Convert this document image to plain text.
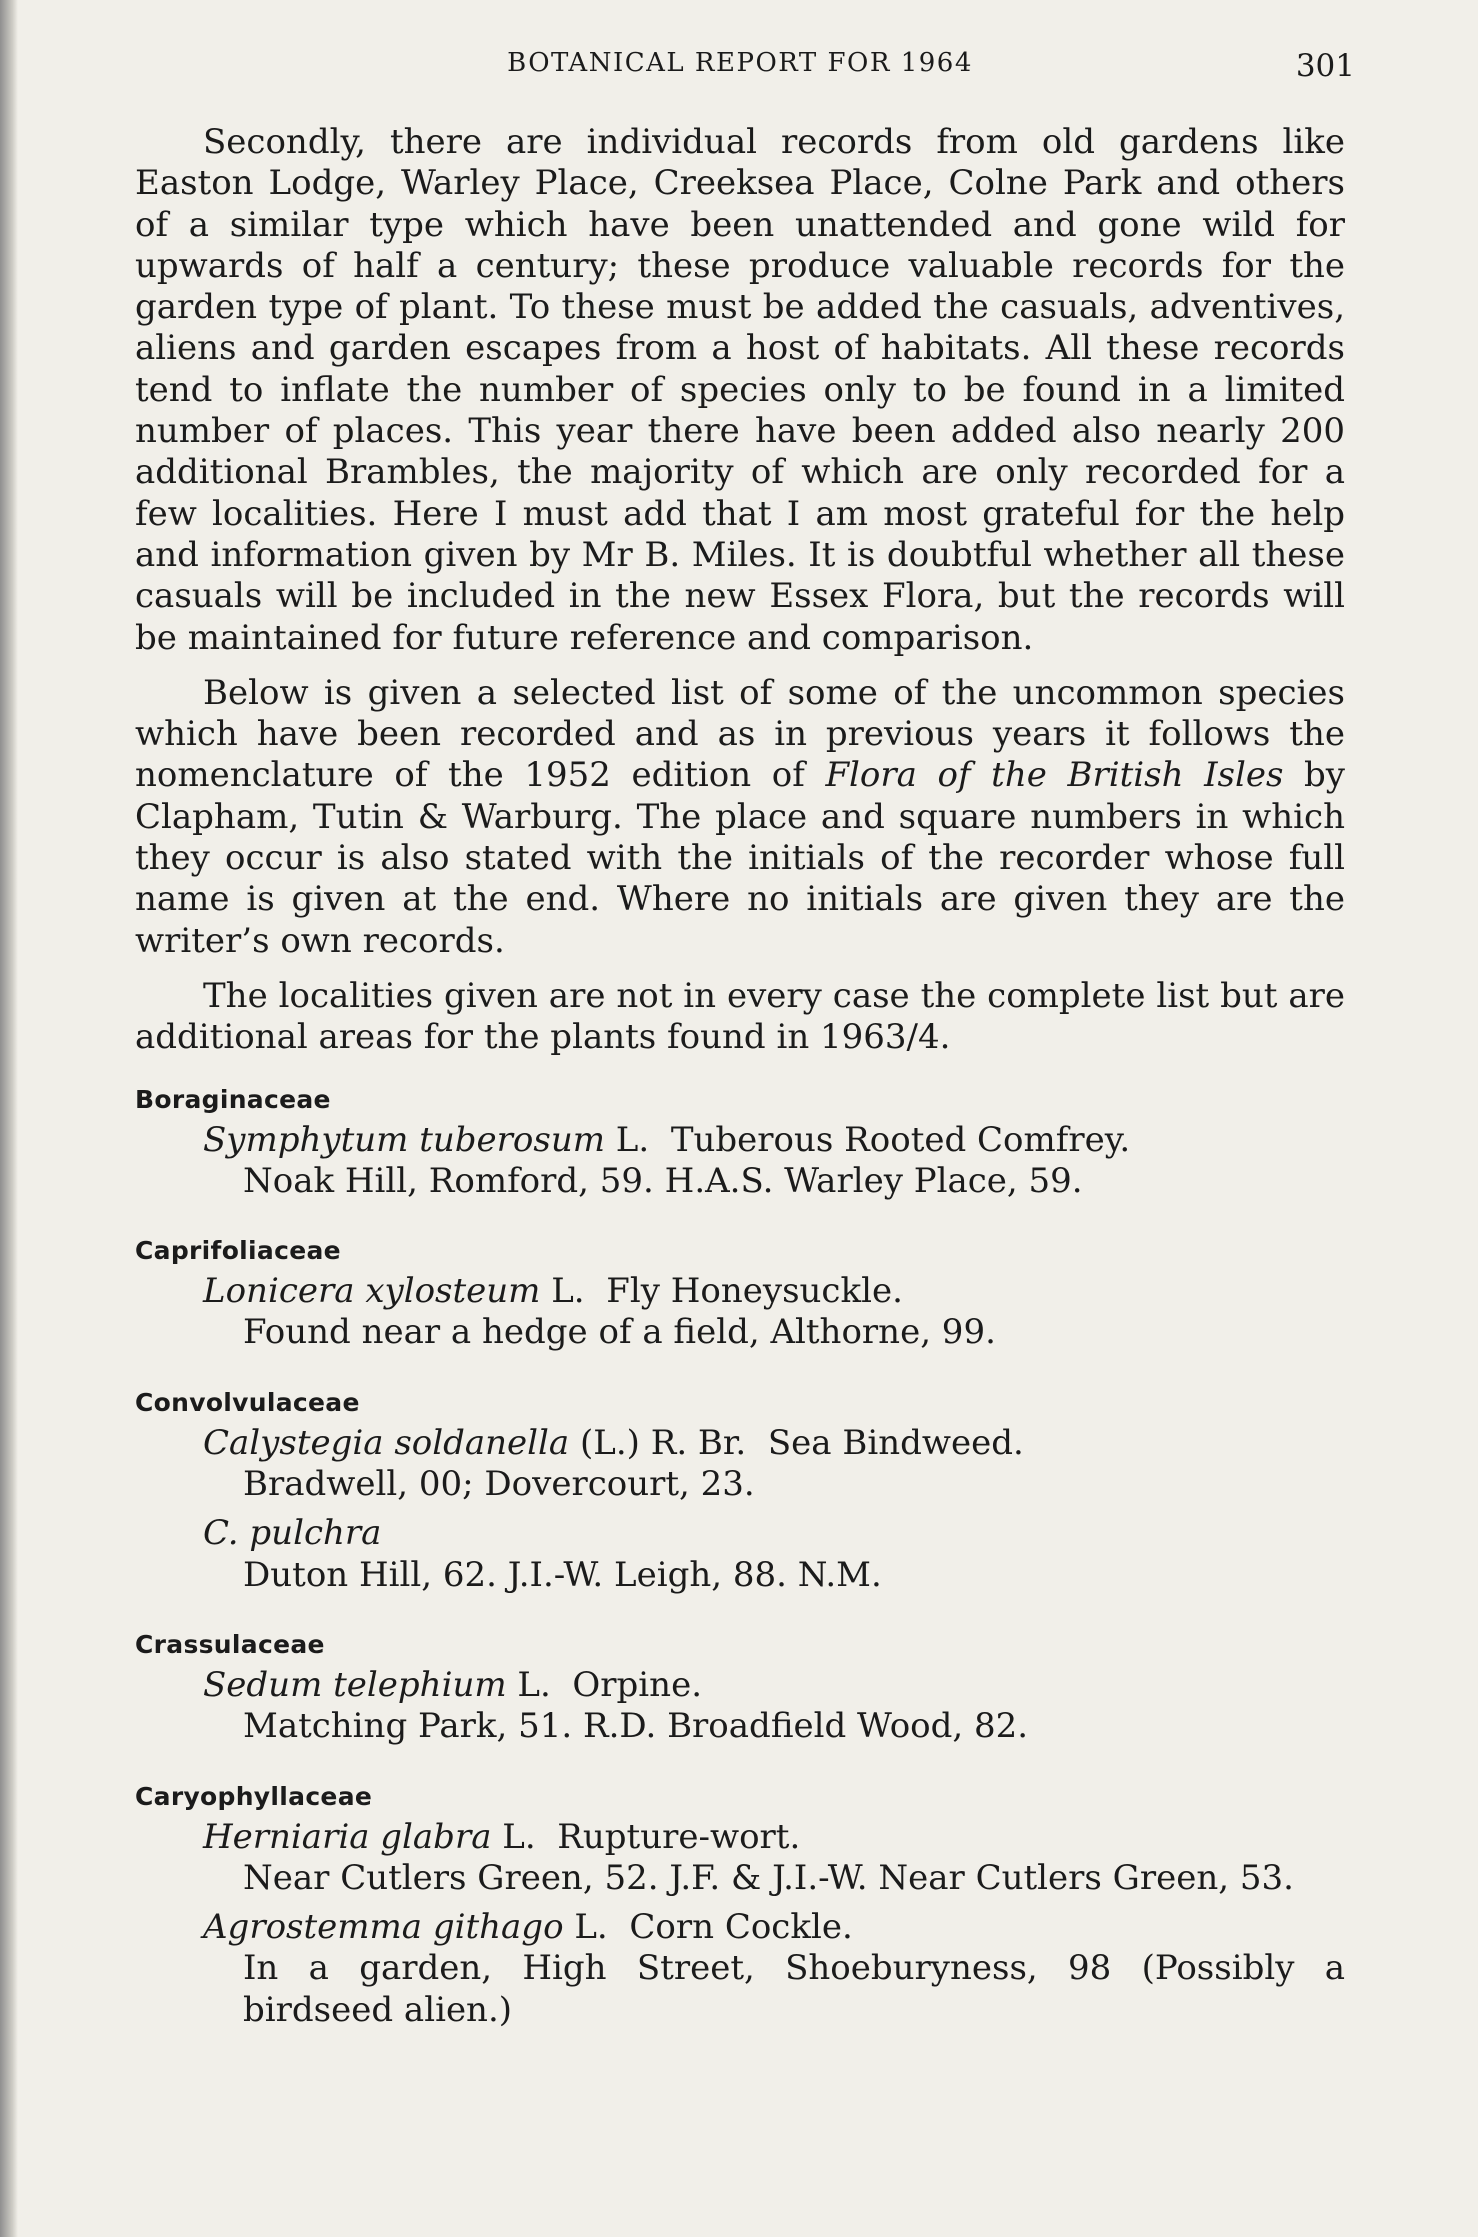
BOTANICAL REPORT FOR 1964	301

Secondly, there are individual records from old gardens like Easton Lodge, Warley Place, Creeksea Place, Colne Park and others of a similar type which have been unattended and gone wild for upwards of half a century; these produce valuable records for the garden type of plant. To these must be added the casuals, adventives, aliens and garden escapes from a host of habitats. All these records tend to inflate the number of species only to be found in a limited number of places. This year there have been added also nearly 200 additional Brambles, the majority of which are only recorded for a few localities. Here I must add that I am most grateful for the help and information given by Mr B. Miles. It is doubtful whether all these casuals will be included in the new Essex Flora, but the records will be maintained for future reference and comparison.

Below is given a selected list of some of the uncommon species which have been recorded and as in previous years it follows the nomenclature of the 1952 edition of Flora of the British Isles by Clapham, Tutin & Warburg. The place and square numbers in which they occur is also stated with the initials of the recorder whose full name is given at the end. Where no initials are given they are the writer’s own records.

The localities given are not in every case the complete list but are additional areas for the plants found in 1963/4.

Boraginaceae
Symphytum tuberosum L. Tuberous Rooted Comfrey.
Noak Hill, Romford, 59. H.A.S. Warley Place, 59.
Caprifoliaceae
Lonicera xylosteum L. Fly Honeysuckle.
Found near a hedge of a field, Althorne, 99.
Convolvulaceae
Calystegia soldanella (L.) R. Br. Sea Bindweed.
Bradwell, 00; Dovercourt, 23.
C. pulchra
Duton Hill, 62. J.I.-W. Leigh, 88. N.M.
Crassulaceae
Sedum telephium L. Orpine.
Matching Park, 51. R.D. Broadfield Wood, 82.
Caryophyllaceae
Herniaria glabra L. Rupture-wort.
Near Cutlers Green, 52. J.F. & J.I.-W. Near Cutlers Green, 53.
Agrostemma githago L. Corn Cockle.
In a garden, High Street, Shoeburyness, 98 (Possibly a birdseed alien.)
